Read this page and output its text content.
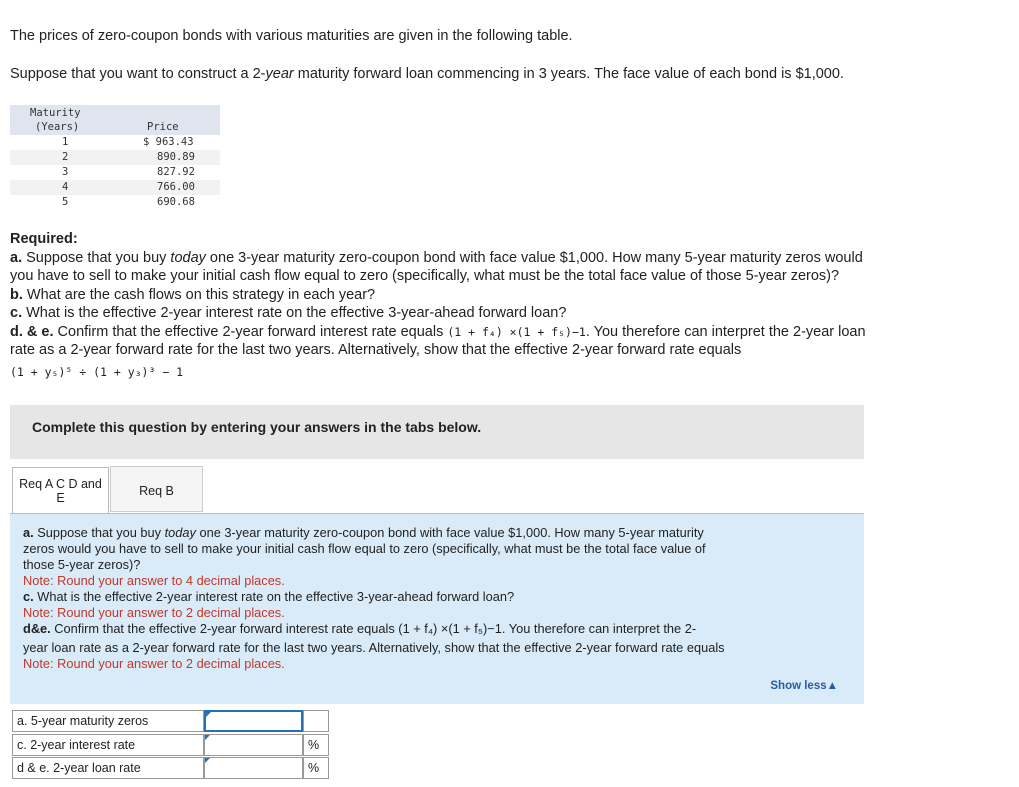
The prices of zero-coupon bonds with various maturities are given in the following table.
Suppose that you want to construct a 2-year maturity forward loan commencing in 3 years. The face value of each bond is $1,000.
Maturity
(Years)	Price
1	$ 963.43
2	890.89
3	827.92
4	766.00
5	690.68
Required:
a. Suppose that you buy today one 3-year maturity zero-coupon bond with face value $1,000. How many 5-year maturity zeros would
you have to sell to make your initial cash flow equal to zero (specifically, what must be the total face value of those 5-year zeros)?
b. What are the cash flows on this strategy in each year?
c. What is the effective 2-year interest rate on the effective 3-year-ahead forward loan?
d. & e. Confirm that the effective 2-year forward interest rate equals (1 + f₄) ×(1 + f₅)−1. You therefore can interpret the 2-year loan
rate as a 2-year forward rate for the last two years. Alternatively, show that the effective 2-year forward rate equals
(1 + y₅)⁵ ÷ (1 + y₃)³ − 1
Complete this question by entering your answers in the tabs below.
Req A C D and
E	Req B
a. Suppose that you buy today one 3-year maturity zero-coupon bond with face value $1,000. How many 5-year maturity
zeros would you have to sell to make your initial cash flow equal to zero (specifically, what must be the total face value of
those 5-year zeros)?
Note: Round your answer to 4 decimal places.
c. What is the effective 2-year interest rate on the effective 3-year-ahead forward loan?
Note: Round your answer to 2 decimal places.
d&e. Confirm that the effective 2-year forward interest rate equals (1 + f₄) ×(1 + f₅)−1. You therefore can interpret the 2-
year loan rate as a 2-year forward rate for the last two years. Alternatively, show that the effective 2-year forward rate equals
Note: Round your answer to 2 decimal places.
Show less▲
a. 5-year maturity zeros
c. 2-year interest rate	%
d & e. 2-year loan rate	%
